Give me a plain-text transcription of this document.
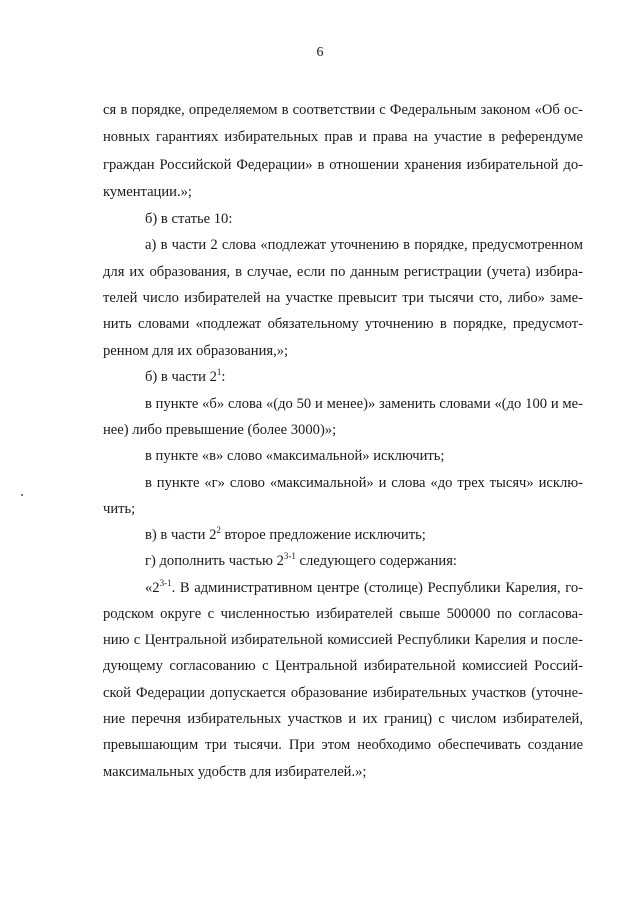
6
ся в порядке, определяемом в соответствии с Федеральным законом «Об ос-
новных гарантиях избирательных прав и права на участие в референдуме
граждан Российской Федерации» в отношении хранения избирательной до-
кументации.»;
б) в статье 10:
а) в части 2 слова «подлежат уточнению в порядке, предусмотренном
для их образования, в случае, если по данным регистрации (учета) избира-
телей число избирателей на участке превысит три тысячи сто, либо» заме-
нить словами «подлежат обязательному уточнению в порядке, предусмот-
ренном для их образования,»;
б) в части $2^1$:
в пункте «б» слова «(до 50 и менее)» заменить словами «(до 100 и ме-
нее) либо превышение (более 3000)»;
в пункте «в» слово «максимальной» исключить;
в пункте «г» слово «максимальной» и слова «до трех тысяч» исклю-
чить;
в) в части $2^2$ второе предложение исключить;
г) дополнить частью 2$^{3-1}$ следующего содержания:
«2$^{3-1}$. В административном центре (столице) Республики Карелия, го-
родском округе с численностью избирателей свыше 500000 по согласова-
нию с Центральной избирательной комиссией Республики Карелия и после-
дующему согласованию с Центральной избирательной комиссией Россий-
ской Федерации допускается образование избирательных участков (уточне-
ние перечня избирательных участков и их границ) с числом избирателей,
превышающим три тысячи. При этом необходимо обеспечивать создание
максимальных удобств для избирателей.»;
